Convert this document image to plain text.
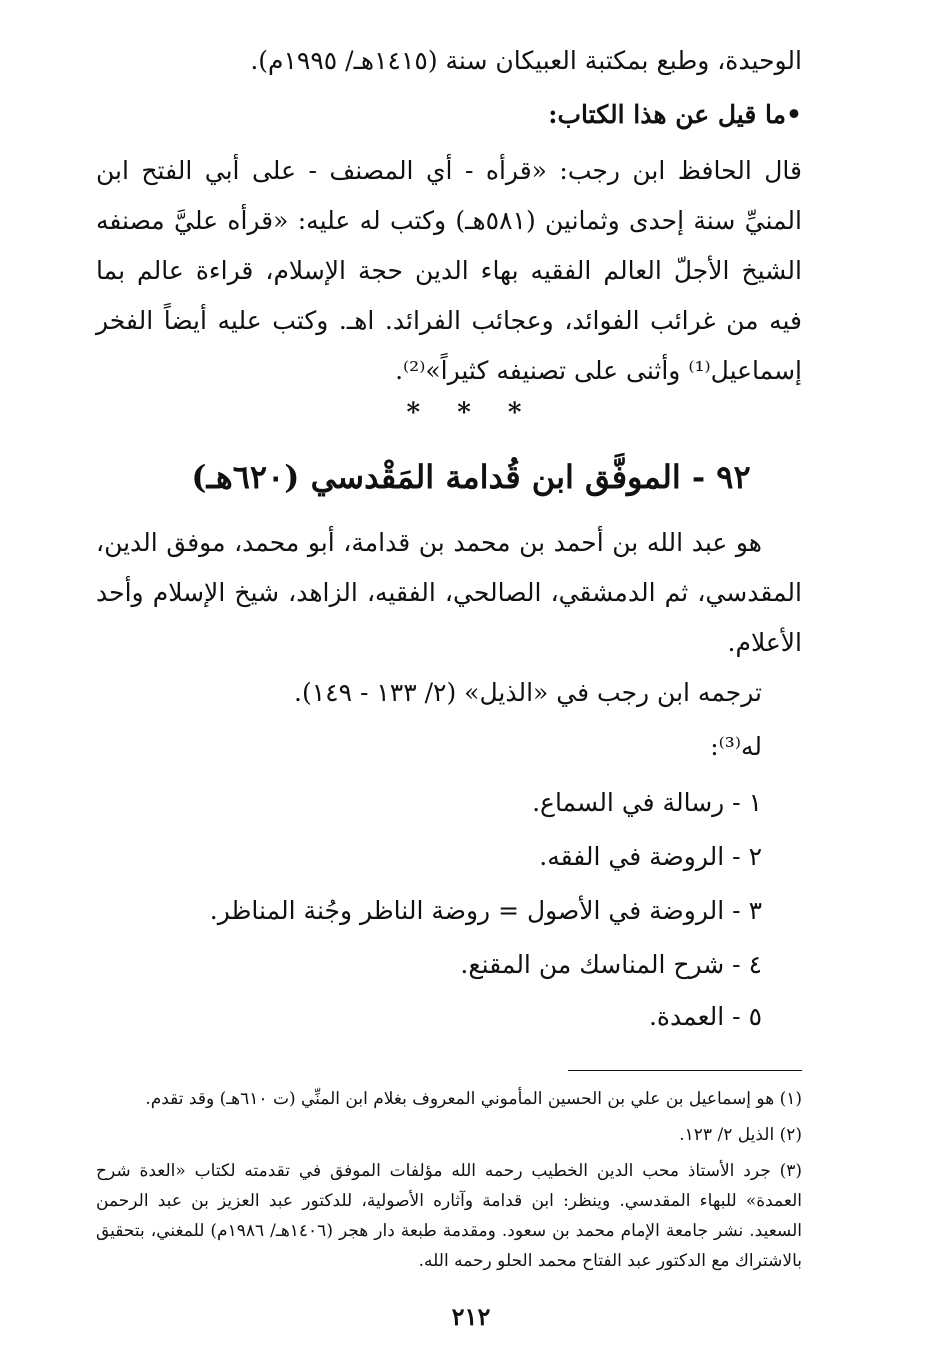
الوحيدة، وطبع بمكتبة العبيكان سنة (١٤١٥هـ/ ١٩٩٥م).
•ما قيل عن هذا الكتاب:

قال الحافظ ابن رجب: «قرأه - أي المصنف - على أبي الفتح ابن المنيِّ سنة إحدى وثمانين (٥٨١هـ) وكتب له عليه: «قرأه عليَّ مصنفه الشيخ الأجلّ العالم الفقيه بهاء الدين حجة الإسلام، قراءة عالم بما فيه من غرائب الفوائد، وعجائب الفرائد. اهـ. وكتب عليه أيضاً الفخر إسماعيل⁽¹⁾ وأثنى على تصنيفه كثيراً»⁽²⁾.

* * *
٩٢ - الموفَّق ابن قُدامة المَقْدسي (٦٢٠هـ)

هو عبد الله بن أحمد بن محمد بن قدامة، أبو محمد، موفق الدين، المقدسي، ثم الدمشقي، الصالحي، الفقيه، الزاهد، شيخ الإسلام وأحد الأعلام.

ترجمه ابن رجب في «الذيل» (٢/ ١٣٣ - ١٤٩).
له⁽³⁾:
١ - رسالة في السماع.
٢ - الروضة في الفقه.
٣ - الروضة في الأصول = روضة الناظر وجُنة المناظر.
٤ - شرح المناسك من المقنع.
٥ - العمدة.
(١) هو إسماعيل بن علي بن الحسين المأموني المعروف بغلام ابن المنِّي (ت ٦١٠هـ) وقد تقدم.
(٢) الذيل ٢/ ١٢٣.

(٣) جرد الأستاذ محب الدين الخطيب رحمه الله مؤلفات الموفق في تقدمته لكتاب «العدة شرح العمدة» للبهاء المقدسي. وينظر: ابن قدامة وآثاره الأصولية، للدكتور عبد العزيز بن عبد الرحمن السعيد. نشر جامعة الإمام محمد بن سعود. ومقدمة طبعة دار هجر (١٤٠٦هـ/ ١٩٨٦م) للمغني، بتحقيق بالاشتراك مع الدكتور عبد الفتاح محمد الحلو رحمه الله.

٢١٢
